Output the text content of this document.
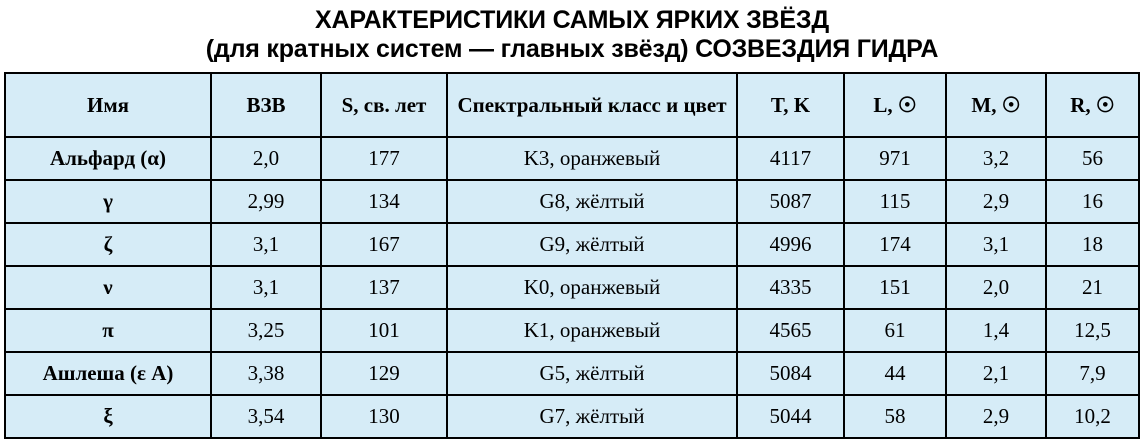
ХАРАКТЕРИСТИКИ САМЫХ ЯРКИХ ЗВЁЗД
(для кратных систем — главных звёзд) СОЗВЕЗДИЯ ГИДРА
Имя	ВЗВ	S, св. лет	Спектральный класс и цвет	T, K	L, ☉	M, ☉	R, ☉
Альфард (α)	2,0	177	K3, оранжевый	4117	971	3,2	56
γ	2,99	134	G8, жёлтый	5087	115	2,9	16
ζ	3,1	167	G9, жёлтый	4996	174	3,1	18
ν	3,1	137	K0, оранжевый	4335	151	2,0	21
π	3,25	101	K1, оранжевый	4565	61	1,4	12,5
Ашлеша (ε A)	3,38	129	G5, жёлтый	5084	44	2,1	7,9
ξ	3,54	130	G7, жёлтый	5044	58	2,9	10,2
